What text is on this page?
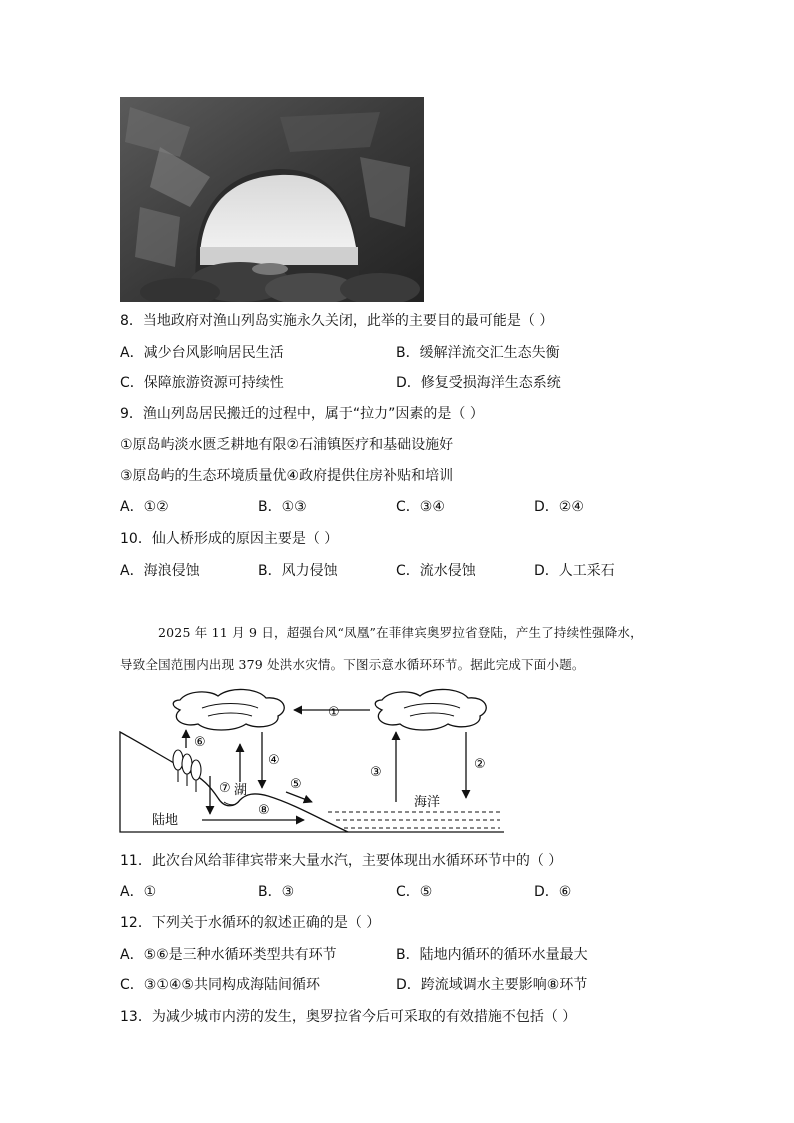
8．当地政府对渔山列岛实施永久关闭，此举的主要目的最可能是（ ）
A．减少台风影响居民生活	B．缓解洋流交汇生态失衡
C．保障旅游资源可持续性	D．修复受损海洋生态系统
9．渔山列岛居民搬迁的过程中，属于“拉力”因素的是（ ）
①原岛屿淡水匮乏耕地有限②石浦镇医疗和基础设施好
③原岛屿的生态环境质量优④政府提供住房补贴和培训
A．①②	B．①③	C．③④	D．②④
10．仙人桥形成的原因主要是（ ）
A．海浪侵蚀	B．风力侵蚀	C．流水侵蚀	D．人工采石
2025 年 11 月 9 日，超强台风“凤凰”在菲律宾奥罗拉省登陆，产生了持续性强降水，
导致全国范围内出现 379 处洪水灾情。下图示意水循环环节。据此完成下面小题。
①
②
③
④
⑤
⑥
⑦
⑧
湖
陆地
海洋
11．此次台风给菲律宾带来大量水汽，主要体现出水循环环节中的（ ）
A．①	B．③	C．⑤	D．⑥
12．下列关于水循环的叙述正确的是（ ）
A．⑤⑥是三种水循环类型共有环节	B．陆地内循环的循环水量最大
C．③①④⑤共同构成海陆间循环	D．跨流域调水主要影响⑧环节
13．为减少城市内涝的发生，奥罗拉省今后可采取的有效措施不包括（ ）
